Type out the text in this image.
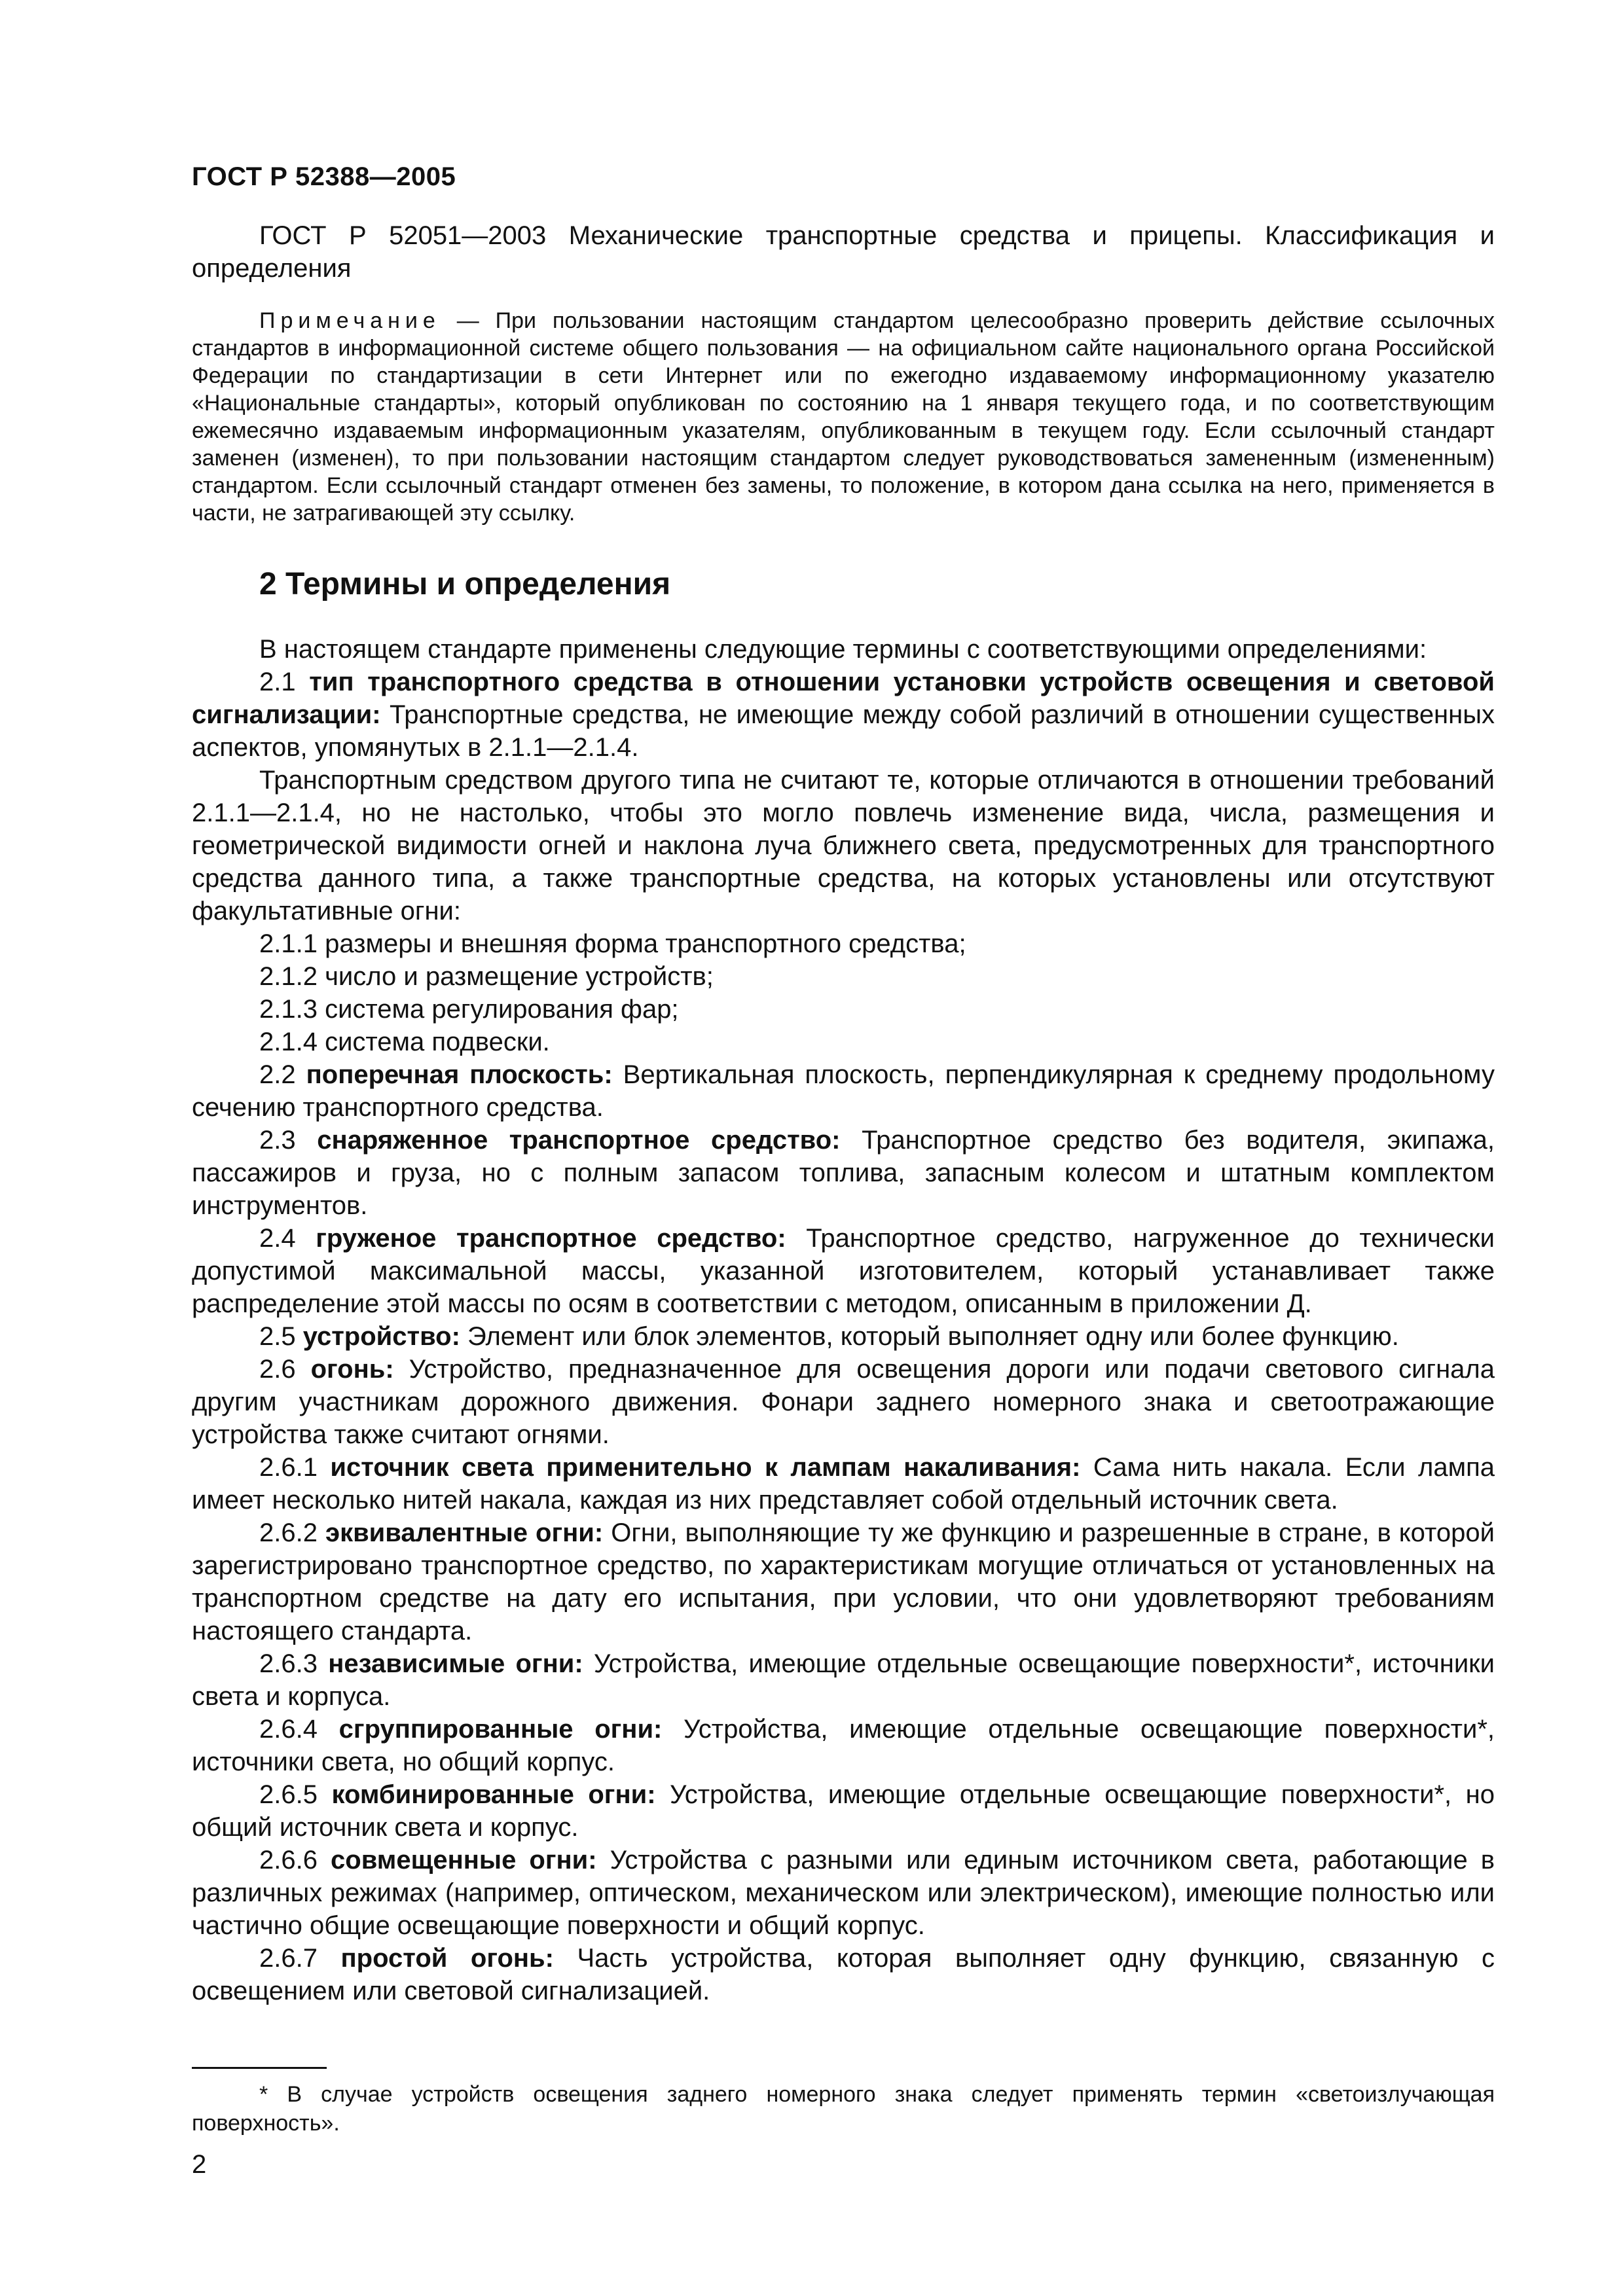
ГОСТ Р 52388—2005

ГОСТ Р 52051—2003 Механические транспортные средства и прицепы. Классификация и определения

Примечание — При пользовании настоящим стандартом целесообразно проверить действие ссылочных стандартов в информационной системе общего пользования — на официальном сайте национального органа Российской Федерации по стандартизации в сети Интернет или по ежегодно издаваемому информационному указателю «Национальные стандарты», который опубликован по состоянию на 1 января текущего года, и по соответствующим ежемесячно издаваемым информационным указателям, опубликованным в текущем году. Если ссылочный стандарт заменен (изменен), то при пользовании настоящим стандартом следует руководствоваться замененным (измененным) стандартом. Если ссылочный стандарт отменен без замены, то положение, в котором дана ссылка на него, применяется в части, не затрагивающей эту ссылку.

2 Термины и определения

В настоящем стандарте применены следующие термины с соответствующими определениями:

2.1 тип транспортного средства в отношении установки устройств освещения и световой сигнализации: Транспортные средства, не имеющие между собой различий в отношении существенных аспектов, упомянутых в 2.1.1—2.1.4.

Транспортным средством другого типа не считают те, которые отличаются в отношении требований 2.1.1—2.1.4, но не настолько, чтобы это могло повлечь изменение вида, числа, размещения и геометрической видимости огней и наклона луча ближнего света, предусмотренных для транспортного средства данного типа, а также транспортные средства, на которых установлены или отсутствуют факультативные огни:

2.1.1 размеры и внешняя форма транспортного средства;

2.1.2 число и размещение устройств;

2.1.3 система регулирования фар;

2.1.4 система подвески.

2.2 поперечная плоскость: Вертикальная плоскость, перпендикулярная к среднему продольному сечению транспортного средства.

2.3 снаряженное транспортное средство: Транспортное средство без водителя, экипажа, пассажиров и груза, но с полным запасом топлива, запасным колесом и штатным комплектом инструментов.

2.4 груженое транспортное средство: Транспортное средство, нагруженное до технически допустимой максимальной массы, указанной изготовителем, который устанавливает также распределение этой массы по осям в соответствии с методом, описанным в приложении Д.

2.5 устройство: Элемент или блок элементов, который выполняет одну или более функцию.

2.6 огонь: Устройство, предназначенное для освещения дороги или подачи светового сигнала другим участникам дорожного движения. Фонари заднего номерного знака и светоотражающие устройства также считают огнями.

2.6.1 источник света применительно к лампам накаливания: Сама нить накала. Если лампа имеет несколько нитей накала, каждая из них представляет собой отдельный источник света.

2.6.2 эквивалентные огни: Огни, выполняющие ту же функцию и разрешенные в стране, в которой зарегистрировано транспортное средство, по характеристикам могущие отличаться от установленных на транспортном средстве на дату его испытания, при условии, что они удовлетворяют требованиям настоящего стандарта.

2.6.3 независимые огни: Устройства, имеющие отдельные освещающие поверхности*, источники света и корпуса.

2.6.4 сгруппированные огни: Устройства, имеющие отдельные освещающие поверхности*, источники света, но общий корпус.

2.6.5 комбинированные огни: Устройства, имеющие отдельные освещающие поверхности*, но общий источник света и корпус.

2.6.6 совмещенные огни: Устройства с разными или единым источником света, работающие в различных режимах (например, оптическом, механическом или электрическом), имеющие полностью или частично общие освещающие поверхности и общий корпус.

2.6.7 простой огонь: Часть устройства, которая выполняет одну функцию, связанную с освещением или световой сигнализацией.

* В случае устройств освещения заднего номерного знака следует применять термин «светоизлучающая поверхность».
2
